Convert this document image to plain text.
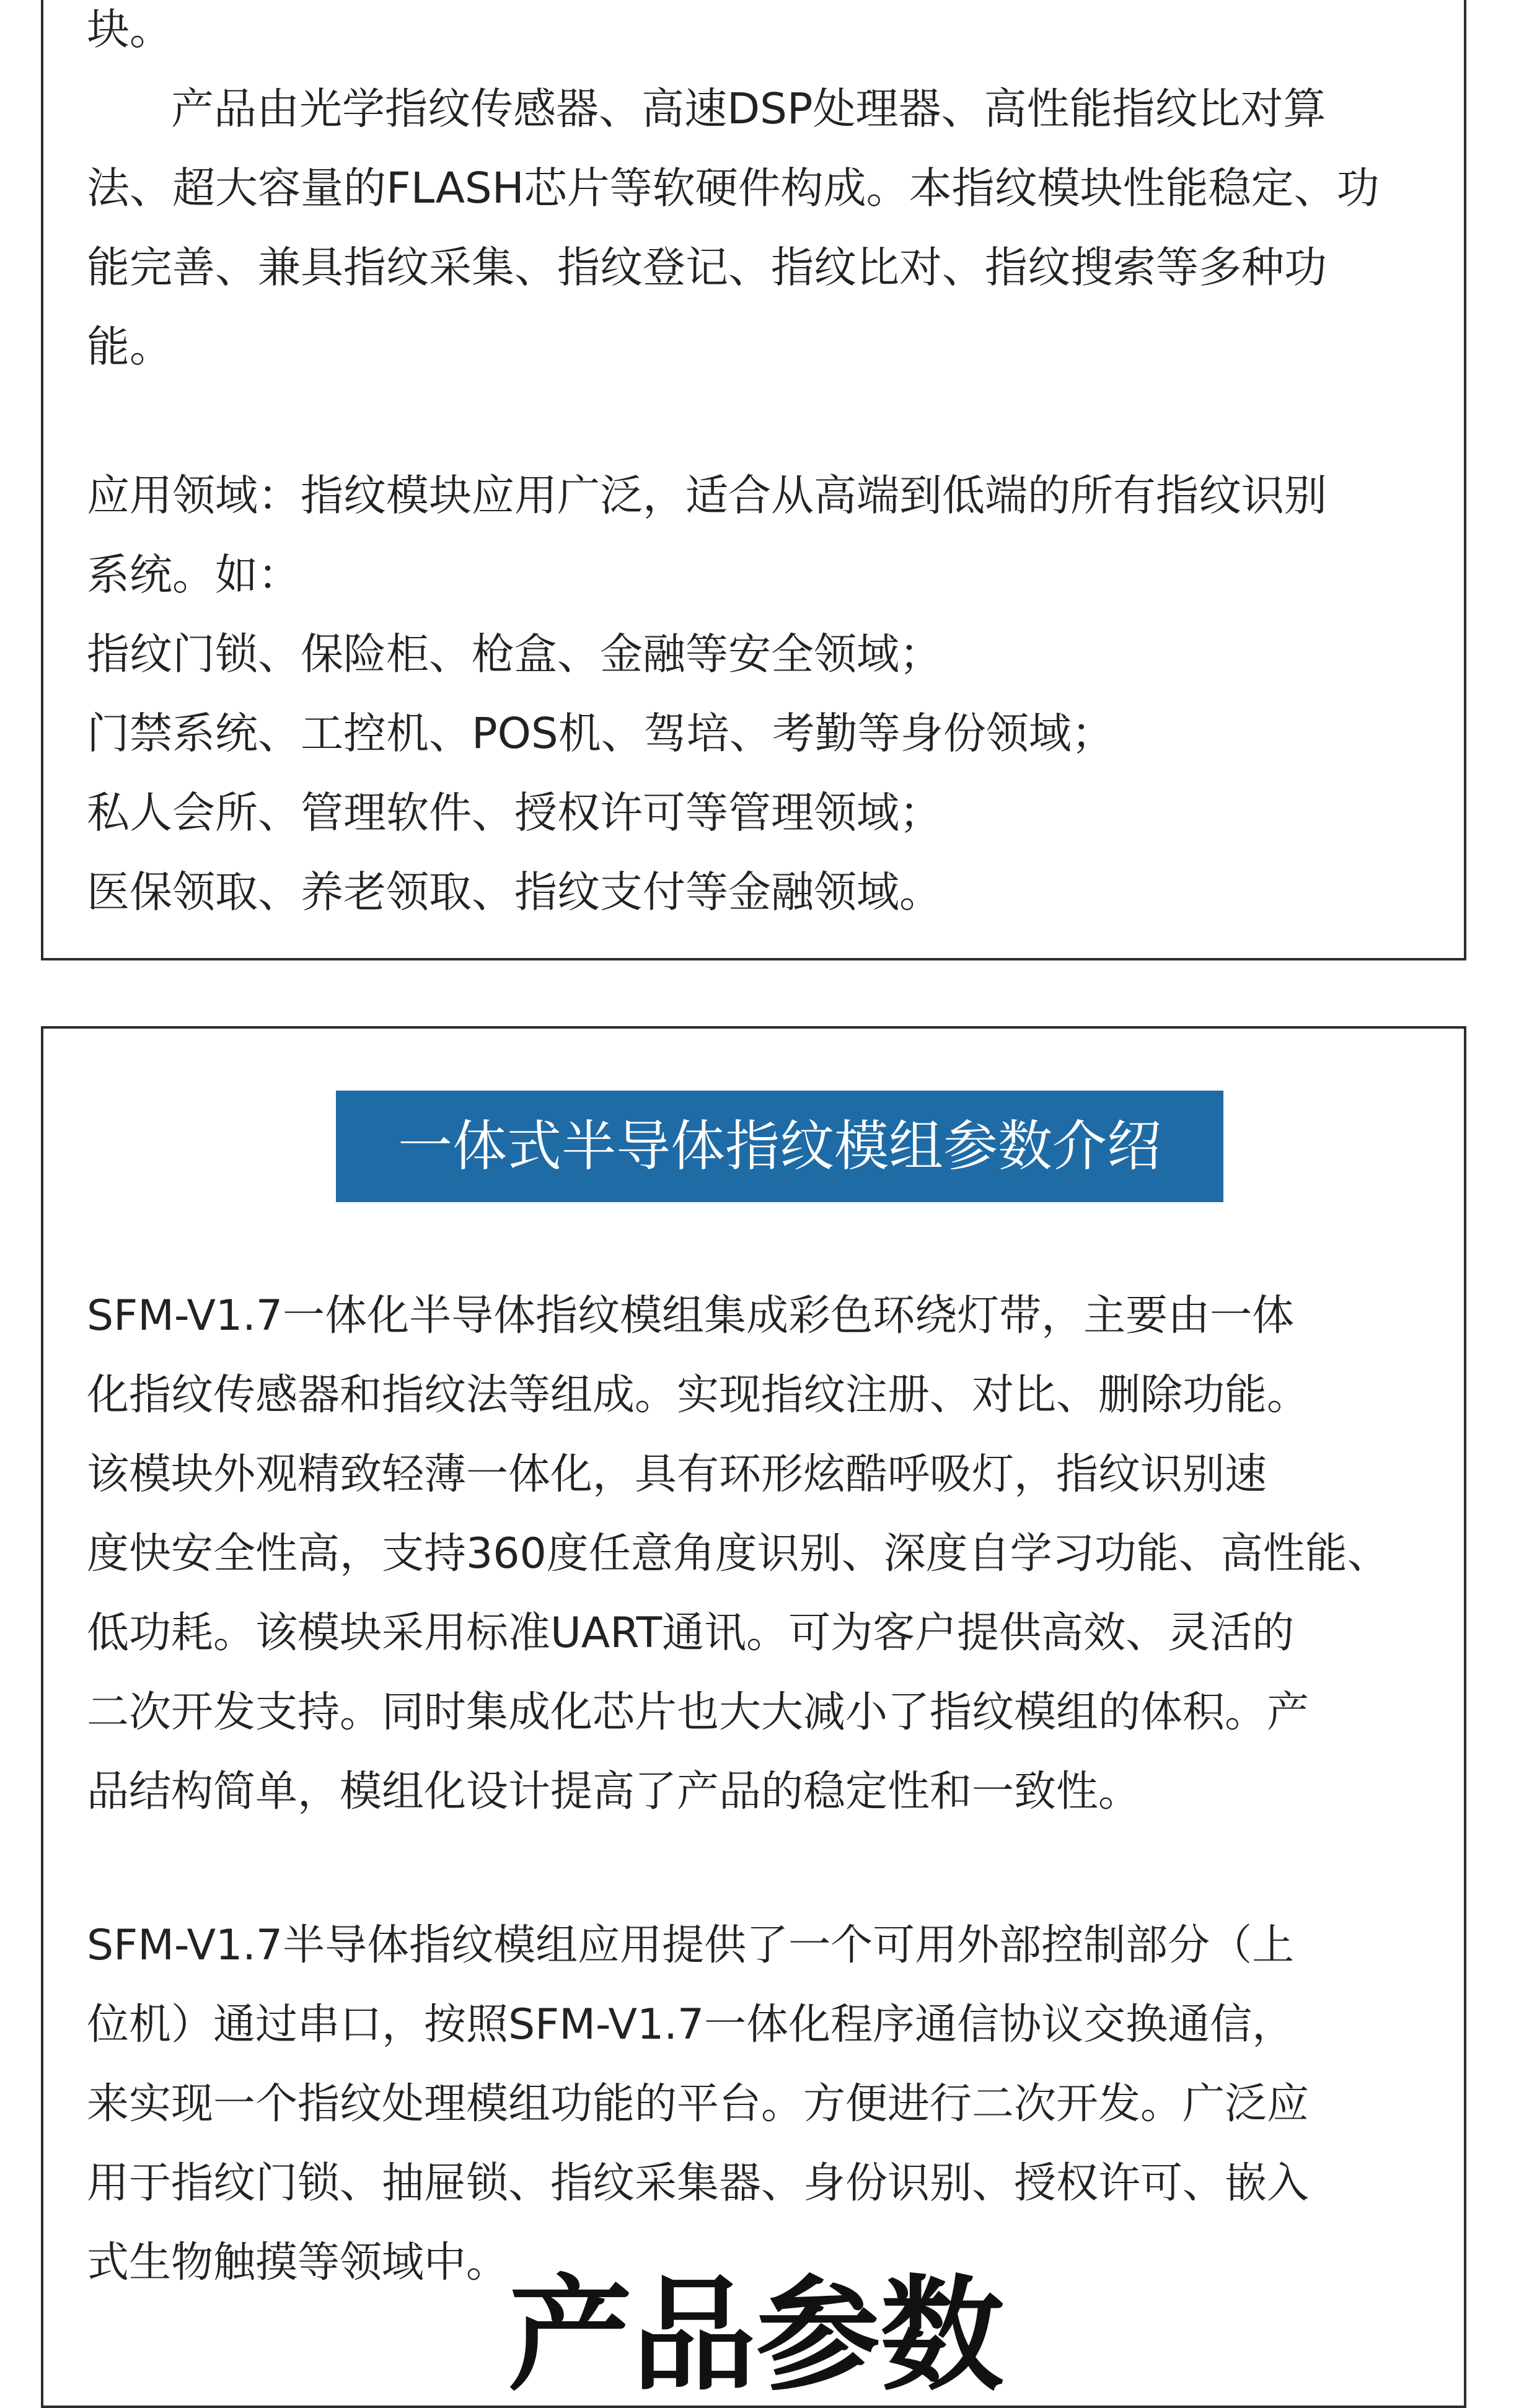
块。
产品由光学指纹传感器、高速DSP处理器、高性能指纹比对算
法、超大容量的FLASH芯片等软硬件构成。本指纹模块性能稳定、功
能完善、兼具指纹采集、指纹登记、指纹比对、指纹搜索等多种功
能。
应用领域：指纹模块应用广泛，适合从高端到低端的所有指纹识别
系统。如：
指纹门锁、保险柜、枪盒、金融等安全领域；
门禁系统、工控机、POS机、驾培、考勤等身份领域；
私人会所、管理软件、授权许可等管理领域；
医保领取、养老领取、指纹支付等金融领域。
一体式半导体指纹模组参数介绍
SFM-V1.7一体化半导体指纹模组集成彩色环绕灯带，主要由一体
化指纹传感器和指纹法等组成。实现指纹注册、对比、删除功能。
该模块外观精致轻薄一体化，具有环形炫酷呼吸灯，指纹识别速
度快安全性高，支持360度任意角度识别、深度自学习功能、高性能、
低功耗。该模块采用标准UART通讯。可为客户提供高效、灵活的
二次开发支持。同时集成化芯片也大大减小了指纹模组的体积。产
品结构简单，模组化设计提高了产品的稳定性和一致性。
SFM-V1.7半导体指纹模组应用提供了一个可用外部控制部分（上
位机）通过串口，按照SFM-V1.7一体化程序通信协议交换通信，
来实现一个指纹处理模组功能的平台。方便进行二次开发。广泛应
用于指纹门锁、抽屉锁、指纹采集器、身份识别、授权许可、嵌入
式生物触摸等领域中。
产品参数
